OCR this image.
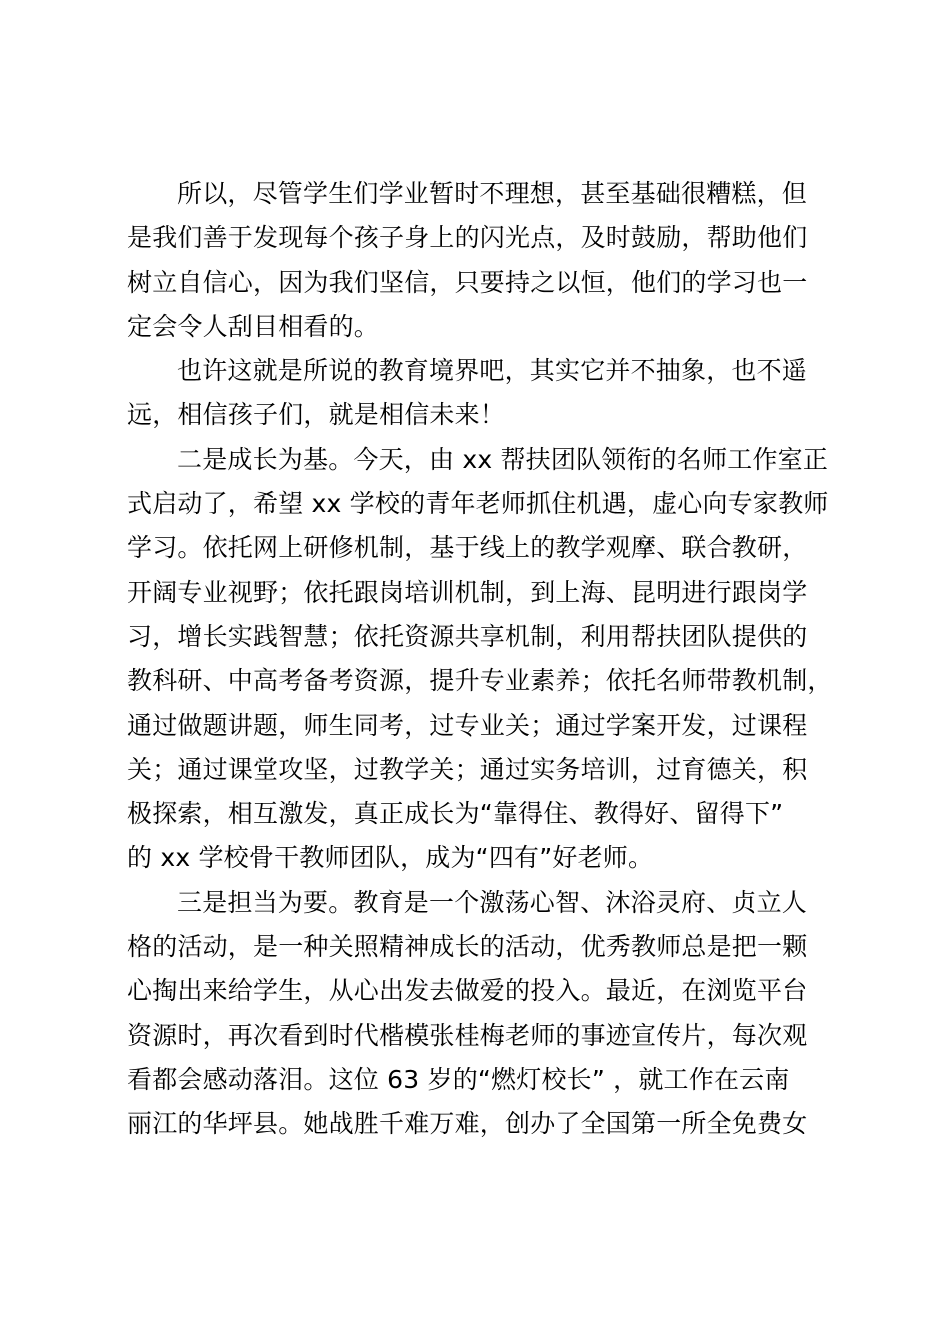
所以，尽管学生们学业暂时不理想，甚至基础很糟糕，但
是我们善于发现每个孩子身上的闪光点，及时鼓励，帮助他们
树立自信心，因为我们坚信，只要持之以恒，他们的学习也一
定会令人刮目相看的。
也许这就是所说的教育境界吧，其实它并不抽象，也不遥
远，相信孩子们，就是相信未来！
二是成长为基。今天，由 xx 帮扶团队领衔的名师工作室正
式启动了，希望 xx 学校的青年老师抓住机遇，虚心向专家教师
学习。依托网上研修机制，基于线上的教学观摩、联合教研，
开阔专业视野；依托跟岗培训机制，到上海、昆明进行跟岗学
习，增长实践智慧；依托资源共享机制，利用帮扶团队提供的
教科研、中高考备考资源，提升专业素养；依托名师带教机制，
通过做题讲题，师生同考，过专业关；通过学案开发，过课程
关；通过课堂攻坚，过教学关；通过实务培训，过育德关，积
极探索，相互激发，真正成长为“靠得住、教得好、留得下”
的 xx 学校骨干教师团队，成为“四有”好老师。
三是担当为要。教育是一个激荡心智、沐浴灵府、贞立人
格的活动，是一种关照精神成长的活动，优秀教师总是把一颗
心掏出来给学生，从心出发去做爱的投入。最近，在浏览平台
资源时，再次看到时代楷模张桂梅老师的事迹宣传片，每次观
看都会感动落泪。这位 63 岁的“燃灯校长” ，就工作在云南
丽江的华坪县。她战胜千难万难，创办了全国第一所全免费女
